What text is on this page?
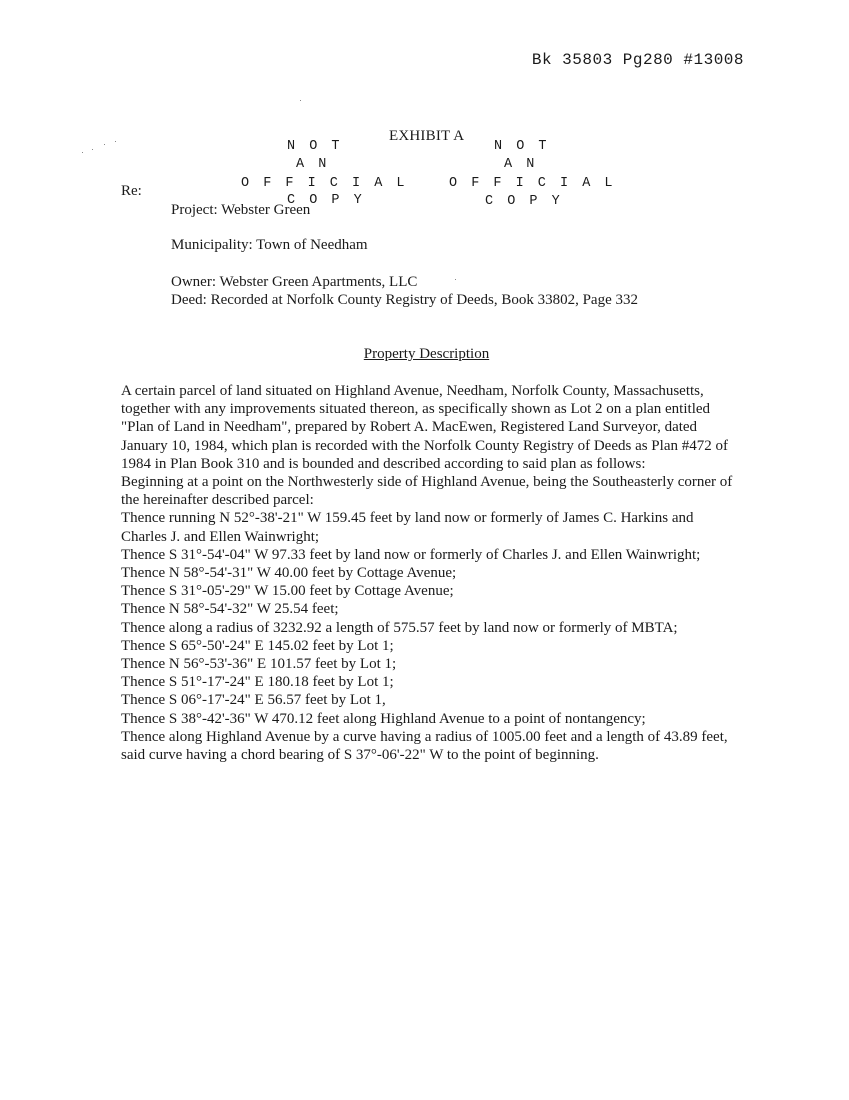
Bk 35803 Pg280 #13008
N O T
A N
O F F I C I A L
C O P Y
N O T
A N
O F F I C I A L
C O P Y
EXHIBIT A
Re:
Project: Webster Green
Municipality: Town of Needham
Owner: Webster Green Apartments, LLC
Deed: Recorded at Norfolk County Registry of Deeds, Book 33802, Page 332
Property Description

A certain parcel of land situated on Highland Avenue, Needham, Norfolk County, Massachusetts, together with any improvements situated thereon, as specifically shown as Lot 2 on a plan entitled "Plan of Land in Needham", prepared by Robert A. MacEwen, Registered Land Surveyor, dated January 10, 1984, which plan is recorded with the Norfolk County Registry of Deeds as Plan #472 of 1984 in Plan Book 310 and is bounded and described according to said plan as follows:

Beginning at a point on the Northwesterly side of Highland Avenue, being the Southeasterly corner of the hereinafter described parcel:

Thence running N 52°-38'-21" W 159.45 feet by land now or formerly of James C. Harkins and Charles J. and Ellen Wainwright;

Thence S 31°-54'-04" W 97.33 feet by land now or formerly of Charles J. and Ellen Wainwright;

Thence N 58°-54'-31" W 40.00 feet by Cottage Avenue;

Thence S 31°-05'-29" W 15.00 feet by Cottage Avenue;

Thence N 58°-54'-32" W 25.54 feet;

Thence along a radius of 3232.92 a length of 575.57 feet by land now or formerly of MBTA;

Thence S 65°-50'-24" E 145.02 feet by Lot 1;

Thence N 56°-53'-36" E 101.57 feet by Lot 1;

Thence S 51°-17'-24" E 180.18 feet by Lot 1;

Thence S 06°-17'-24" E 56.57 feet by Lot 1,

Thence S 38°-42'-36" W 470.12 feet along Highland Avenue to a point of nontangency;

Thence along Highland Avenue by a curve having a radius of 1005.00 feet and a length of 43.89 feet, said curve having a chord bearing of S 37°-06'-22" W to the point of beginning.
